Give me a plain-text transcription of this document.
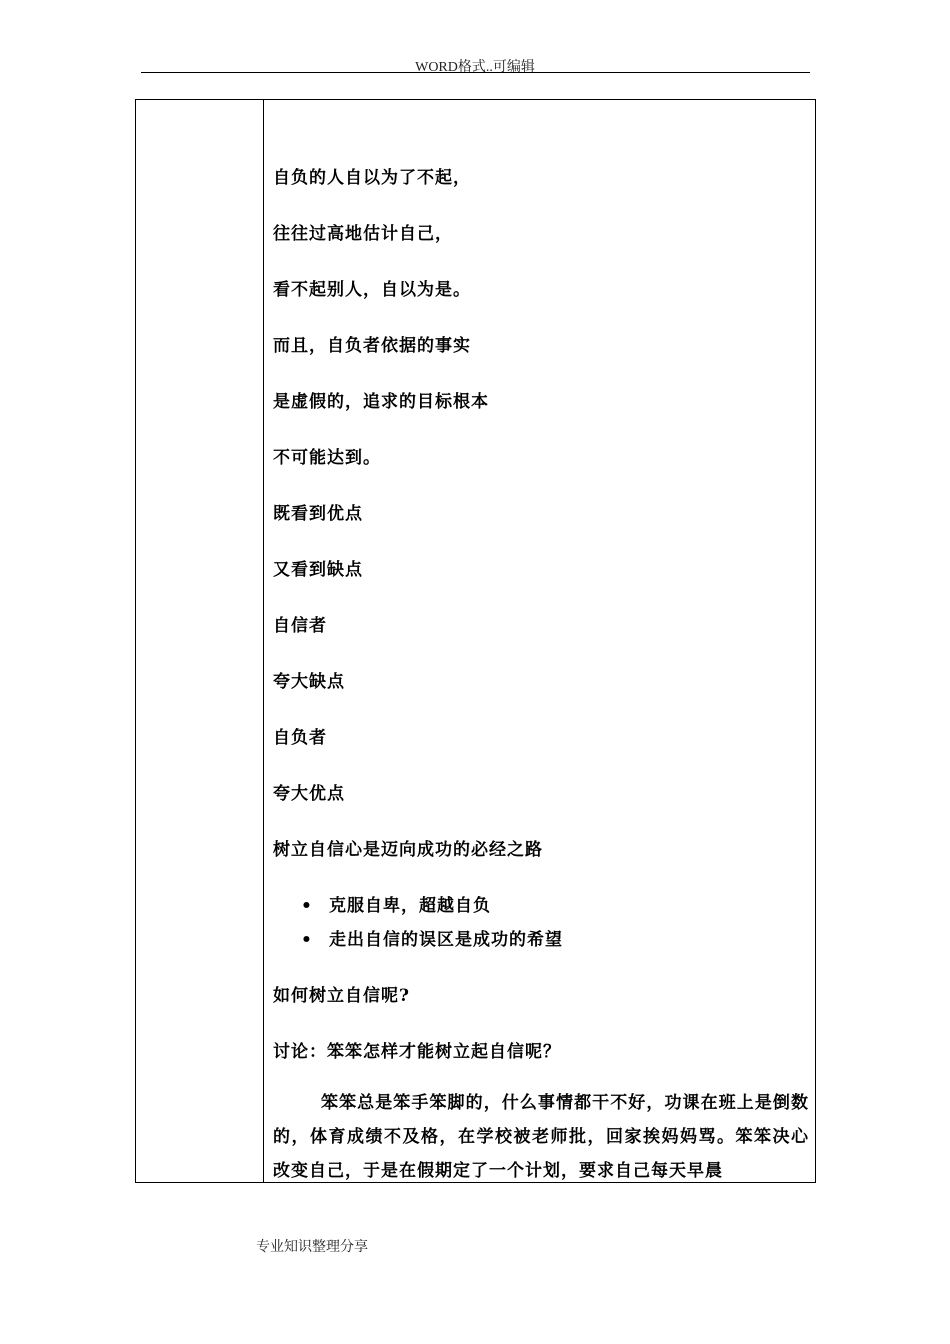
WORD格式..可编辑
自负的人自以为了不起，
往往过高地估计自己，
看不起别人，自以为是。
而且，自负者依据的事实
是虚假的，追求的目标根本
不可能达到。
既看到优点
又看到缺点
自信者
夸大缺点
自负者
夸大优点
树立自信心是迈向成功的必经之路
• 克服自卑，超越自负
• 走出自信的误区是成功的希望
如何树立自信呢?
讨论：笨笨怎样才能树立起自信呢？
笨笨总是笨手笨脚的，什么事情都干不好，功课在班上是倒数的，体育成绩不及格，在学校被老师批，回家挨妈妈骂。笨笨决心改变自己，于是在假期定了一个计划，要求自己每天早晨
专业知识整理分享
